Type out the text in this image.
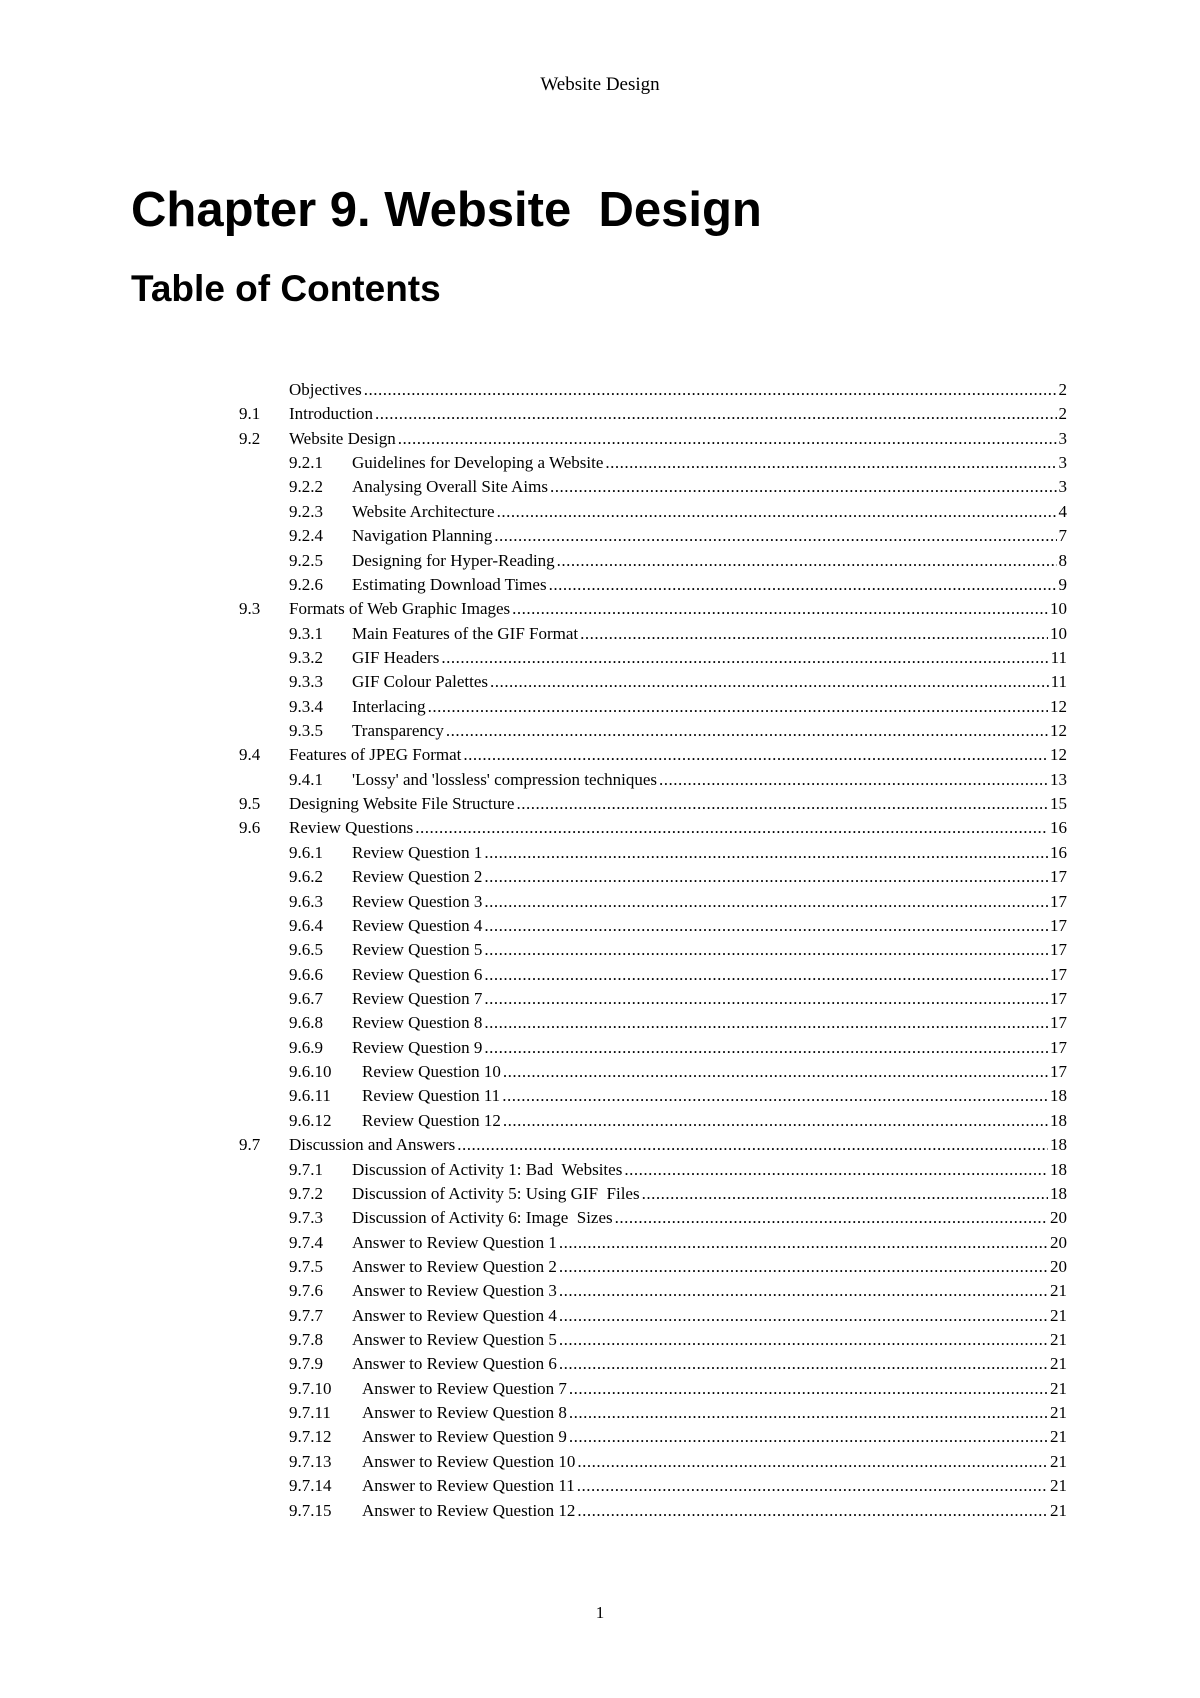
Website Design
Chapter 9. Website  Design
Table of Contents
Objectives .....	2
9.1	Introduction .....	2
9.2	Website Design .....	3
9.2.1	Guidelines for Developing a Website .....	3
9.2.2	Analysing Overall Site Aims .....	3
9.2.3	Website Architecture .....	4
9.2.4	Navigation Planning .....	7
9.2.5	Designing for Hyper-Reading .....	8
9.2.6	Estimating Download Times .....	9
9.3	Formats of Web Graphic Images .....	10
9.3.1	Main Features of the GIF Format .....	10
9.3.2	GIF Headers .....	11
9.3.3	GIF Colour Palettes .....	11
9.3.4	Interlacing .....	12
9.3.5	Transparency .....	12
9.4	Features of JPEG Format .....	12
9.4.1	'Lossy' and 'lossless' compression techniques .....	13
9.5	Designing Website File Structure .....	15
9.6	Review Questions .....	16
9.6.1	Review Question 1 .....	16
9.6.2	Review Question 2 .....	17
9.6.3	Review Question 3 .....	17
9.6.4	Review Question 4 .....	17
9.6.5	Review Question 5 .....	17
9.6.6	Review Question 6 .....	17
9.6.7	Review Question 7 .....	17
9.6.8	Review Question 8 .....	17
9.6.9	Review Question 9 .....	17
9.6.10	Review Question 10 .....	17
9.6.11	Review Question 11 .....	18
9.6.12	Review Question 12 .....	18
9.7	Discussion and Answers .....	18
9.7.1	Discussion of Activity 1: Bad  Websites .....	18
9.7.2	Discussion of Activity 5: Using GIF  Files .....	18
9.7.3	Discussion of Activity 6: Image  Sizes .....	20
9.7.4	Answer to Review Question 1 .....	20
9.7.5	Answer to Review Question 2 .....	20
9.7.6	Answer to Review Question 3 .....	21
9.7.7	Answer to Review Question 4 .....	21
9.7.8	Answer to Review Question 5 .....	21
9.7.9	Answer to Review Question 6 .....	21
9.7.10	Answer to Review Question 7 .....	21
9.7.11	Answer to Review Question 8 .....	21
9.7.12	Answer to Review Question 9 .....	21
9.7.13	Answer to Review Question 10 .....	21
9.7.14	Answer to Review Question 11 .....	21
9.7.15	Answer to Review Question 12 .....	21
1
